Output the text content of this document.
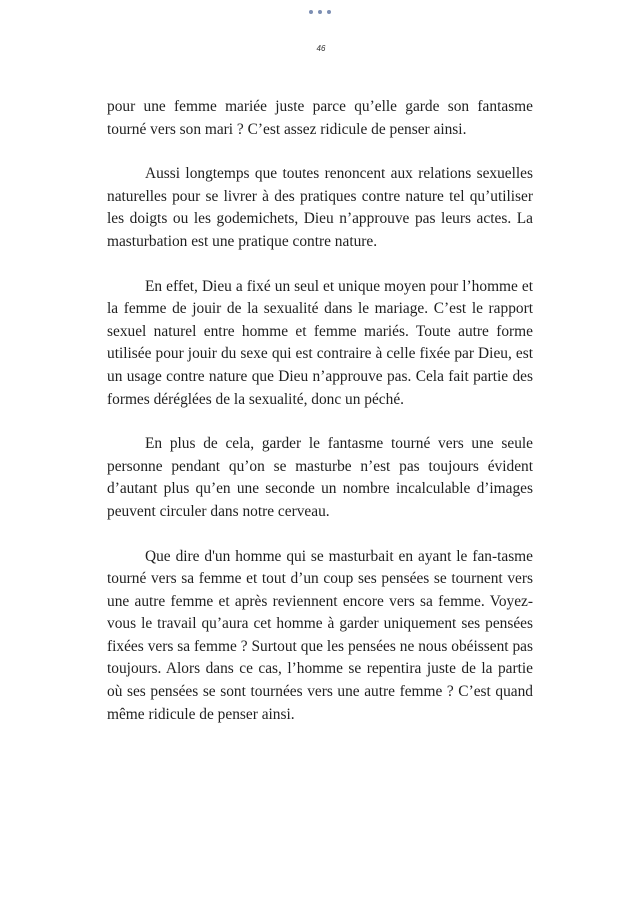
46

pour une femme mariée juste parce qu’elle garde son fantasme tourné vers son mari ? C’est assez ridicule de penser ainsi.

Aussi longtemps que toutes renoncent aux relations sexuelles naturelles pour se livrer à des pratiques contre nature tel qu’utiliser les doigts ou les godemichets, Dieu n’approuve pas leurs actes. La masturbation est une pratique contre nature.

En effet, Dieu a fixé un seul et unique moyen pour l’homme et la femme de jouir de la sexualité dans le mariage. C’est le rapport sexuel naturel entre homme et femme mariés. Toute autre forme utilisée pour jouir du sexe qui est contraire à celle fixée par Dieu, est un usage contre nature que Dieu n’approuve pas. Cela fait partie des formes déréglées de la sexualité, donc un péché.

En plus de cela, garder le fantasme tourné vers une seule personne pendant qu’on se masturbe n’est pas toujours évident d’autant plus qu’en une seconde un nombre incalculable d’images peuvent circuler dans notre cerveau.

Que dire d'un homme qui se masturbait en ayant le fan-tasme tourné vers sa femme et tout d’un coup ses pensées se tournent vers une autre femme et après reviennent encore vers sa femme. Voyez-vous le travail qu’aura cet homme à garder uniquement ses pensées fixées vers sa femme ? Surtout que les pensées ne nous obéissent pas toujours. Alors dans ce cas, l’homme se repentira juste de la partie où ses pensées se sont tournées vers une autre femme ? C’est quand même ridicule de penser ainsi.
